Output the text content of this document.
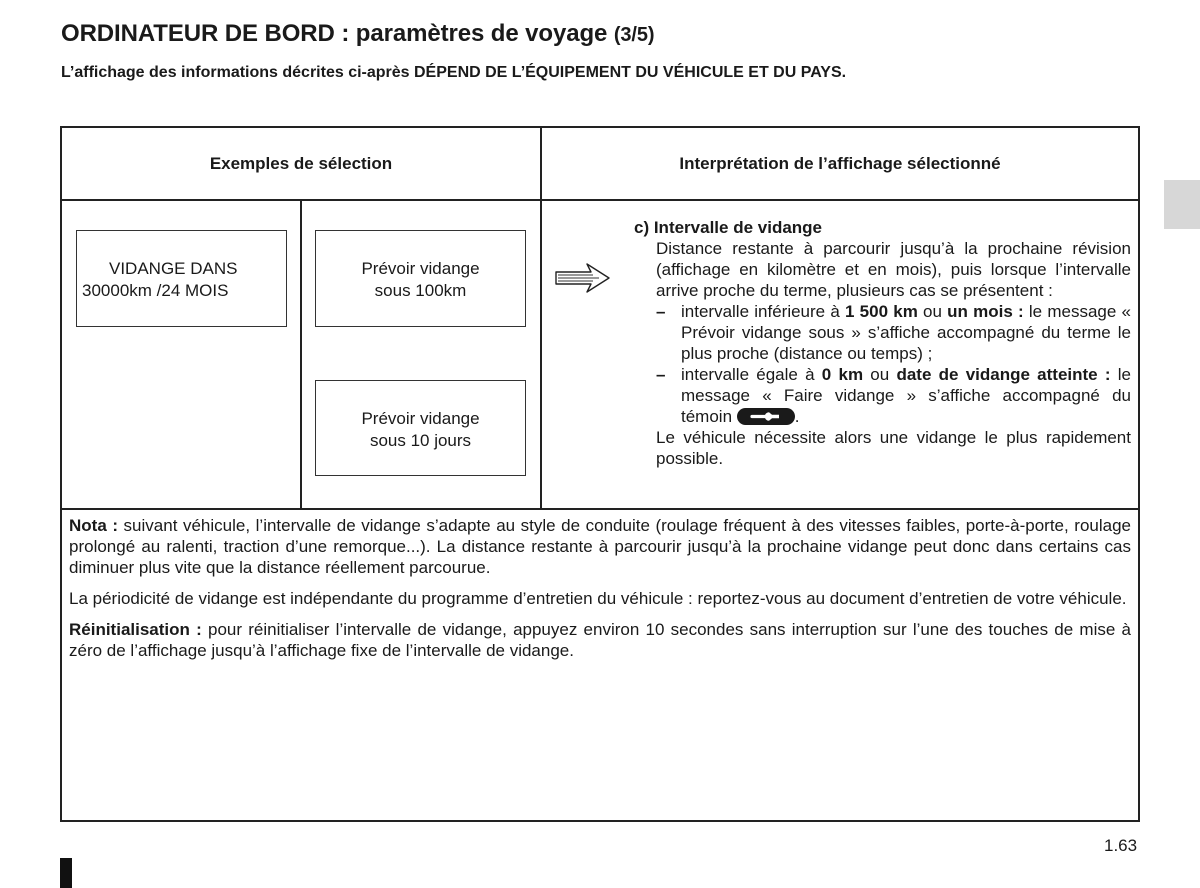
ORDINATEUR DE BORD : paramètres de voyage (3/5)
L’affichage des informations décrites ci-après DÉPEND DE L’ÉQUIPEMENT DU VÉHICULE ET DU PAYS.
Exemples de sélection	Interprétation de l’affichage sélectionné
VIDANGE DANS
30000km /24 MOIS
Prévoir vidange
sous 100km
Prévoir vidange
sous 10 jours
c) Intervalle de vidange
Distance restante à parcourir jusqu’à la prochaine révision (affichage en kilomètre et en mois), puis lorsque l’intervalle arrive proche du terme, plusieurs cas se présentent :
– intervalle inférieure à 1 500 km ou un mois : le message « Prévoir vidange sous » s’affiche accompagné du terme le plus proche (distance ou temps) ;
– intervalle égale à 0 km ou date de vidange atteinte : le message « Faire vidange » s’affiche accompagné du témoin	.
Le véhicule nécessite alors une vidange le plus rapidement possible.

Nota : suivant véhicule, l’intervalle de vidange s’adapte au style de conduite (roulage fréquent à des vitesses faibles, porte-à-porte, roulage prolongé au ralenti, traction d’une remorque...). La distance restante à parcourir jusqu’à la prochaine vidange peut donc dans certains cas diminuer plus vite que la distance réellement parcourue.

La périodicité de vidange est indépendante du programme d’entretien du véhicule : reportez-vous au document d’entretien de votre véhicule.

Réinitialisation : pour réinitialiser l’intervalle de vidange, appuyez environ 10 secondes sans interruption sur l’une des touches de mise à zéro de l’affichage jusqu’à l’affichage fixe de l’intervalle de vidange.

1.63
